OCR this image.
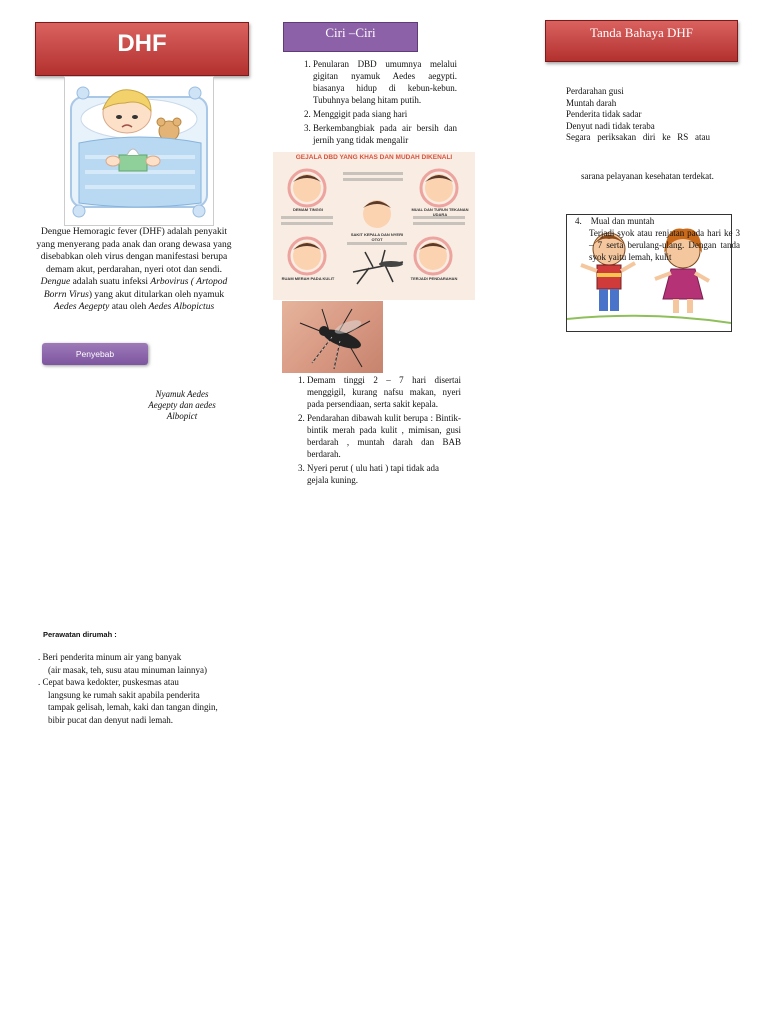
DHF
Dengue Hemoragic fever (DHF) adalah penyakit yang menyerang pada anak dan orang dewasa yang disebabkan oleh virus dengan manifestasi berupa demam akut, perdarahan, nyeri otot dan sendi. Dengue adalah suatu infeksi Arbovirus ( Artopod Borrn Virus) yang akut ditularkan oleh nyamuk Aedes Aegepty atau oleh Aedes Albopictus
Penyebab
Nyamuk Aedes
Aegepty dan aedes
Albopict
Perawatan dirumah :
. Beri penderita minum air yang banyak
(air masak, teh, susu atau minuman lainnya)
. Cepat bawa kedokter, puskesmas atau
langsung ke rumah sakit apabila penderita tampak gelisah, lemah, kaki dan tangan dingin, bibir pucat dan denyut nadi lemah.
Ciri –Ciri
1. Penularan DBD umumnya melalui gigitan nyamuk Aedes aegypti. biasanya hidup di kebun-kebun. Tubuhnya belang hitam putih.
2. Menggigit pada siang hari
3. Berkembangbiak pada air bersih dan jernih yang tidak mengalir
GEJALA DBD YANG KHAS DAN MUDAH DIKENALI
DEMAM TINGGI	MUAL DAN TURUN TEKANAN UDARA
SAKIT KEPALA DAN NYERI OTOT
RUAM MERAH PADA KULIT	TERJADI PENDARAHAN
1. Demam tinggi 2 – 7 hari disertai menggigil, kurang nafsu makan, nyeri pada persendiaan, serta sakit kepala.
2. Pendarahan dibawah kulit berupa : Bintik-bintik merah pada kulit , mimisan, gusi berdarah , muntah darah dan BAB berdarah.
3. Nyeri perut ( ulu hati ) tapi tidak ada gejala kuning.
Tanda Bahaya DHF
Perdarahan gusi
Muntah darah
Penderita tidak sadar
Denyut nadi tidak teraba
Segara periksakan diri ke RS atau
sarana pelayanan kesehatan terdekat.
4. Mual dan muntah
Terjadi syok atau renjatan pada hari ke 3 – 7 serta berulang-ulang. Dengan tanda syok yaitu lemah, kulit
